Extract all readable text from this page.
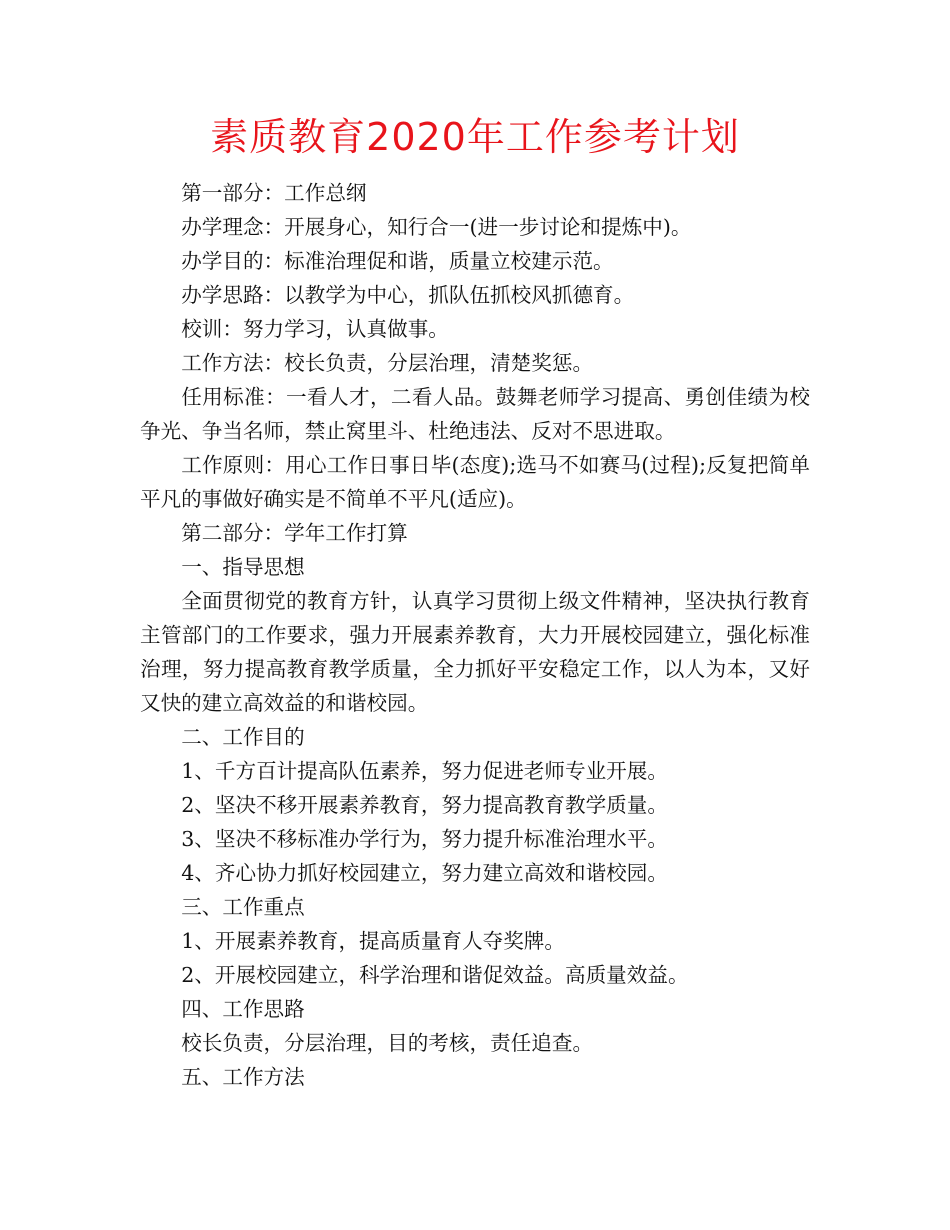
素质教育2020年工作参考计划

第一部分：工作总纲

办学理念：开展身心，知行合一(进一步讨论和提炼中)。

办学目的：标准治理促和谐，质量立校建示范。

办学思路：以教学为中心，抓队伍抓校风抓德育。

校训：努力学习，认真做事。

工作方法：校长负责，分层治理，清楚奖惩。

任用标准：一看人才，二看人品。鼓舞老师学习提高、勇创佳绩为校争光、争当名师，禁止窝里斗、杜绝违法、反对不思进取。

工作原则：用心工作日事日毕(态度);选马不如赛马(过程);反复把简单平凡的事做好确实是不简单不平凡(适应)。

第二部分：学年工作打算

一、指导思想

全面贯彻党的教育方针，认真学习贯彻上级文件精神，坚决执行教育主管部门的工作要求，强力开展素养教育，大力开展校园建立，强化标准治理，努力提高教育教学质量，全力抓好平安稳定工作，以人为本，又好又快的建立高效益的和谐校园。

二、工作目的

1、千方百计提高队伍素养，努力促进老师专业开展。

2、坚决不移开展素养教育，努力提高教育教学质量。

3、坚决不移标准办学行为，努力提升标准治理水平。

4、齐心协力抓好校园建立，努力建立高效和谐校园。

三、工作重点

1、开展素养教育，提高质量育人夺奖牌。

2、开展校园建立，科学治理和谐促效益。高质量效益。

四、工作思路

校长负责，分层治理，目的考核，责任追查。

五、工作方法
